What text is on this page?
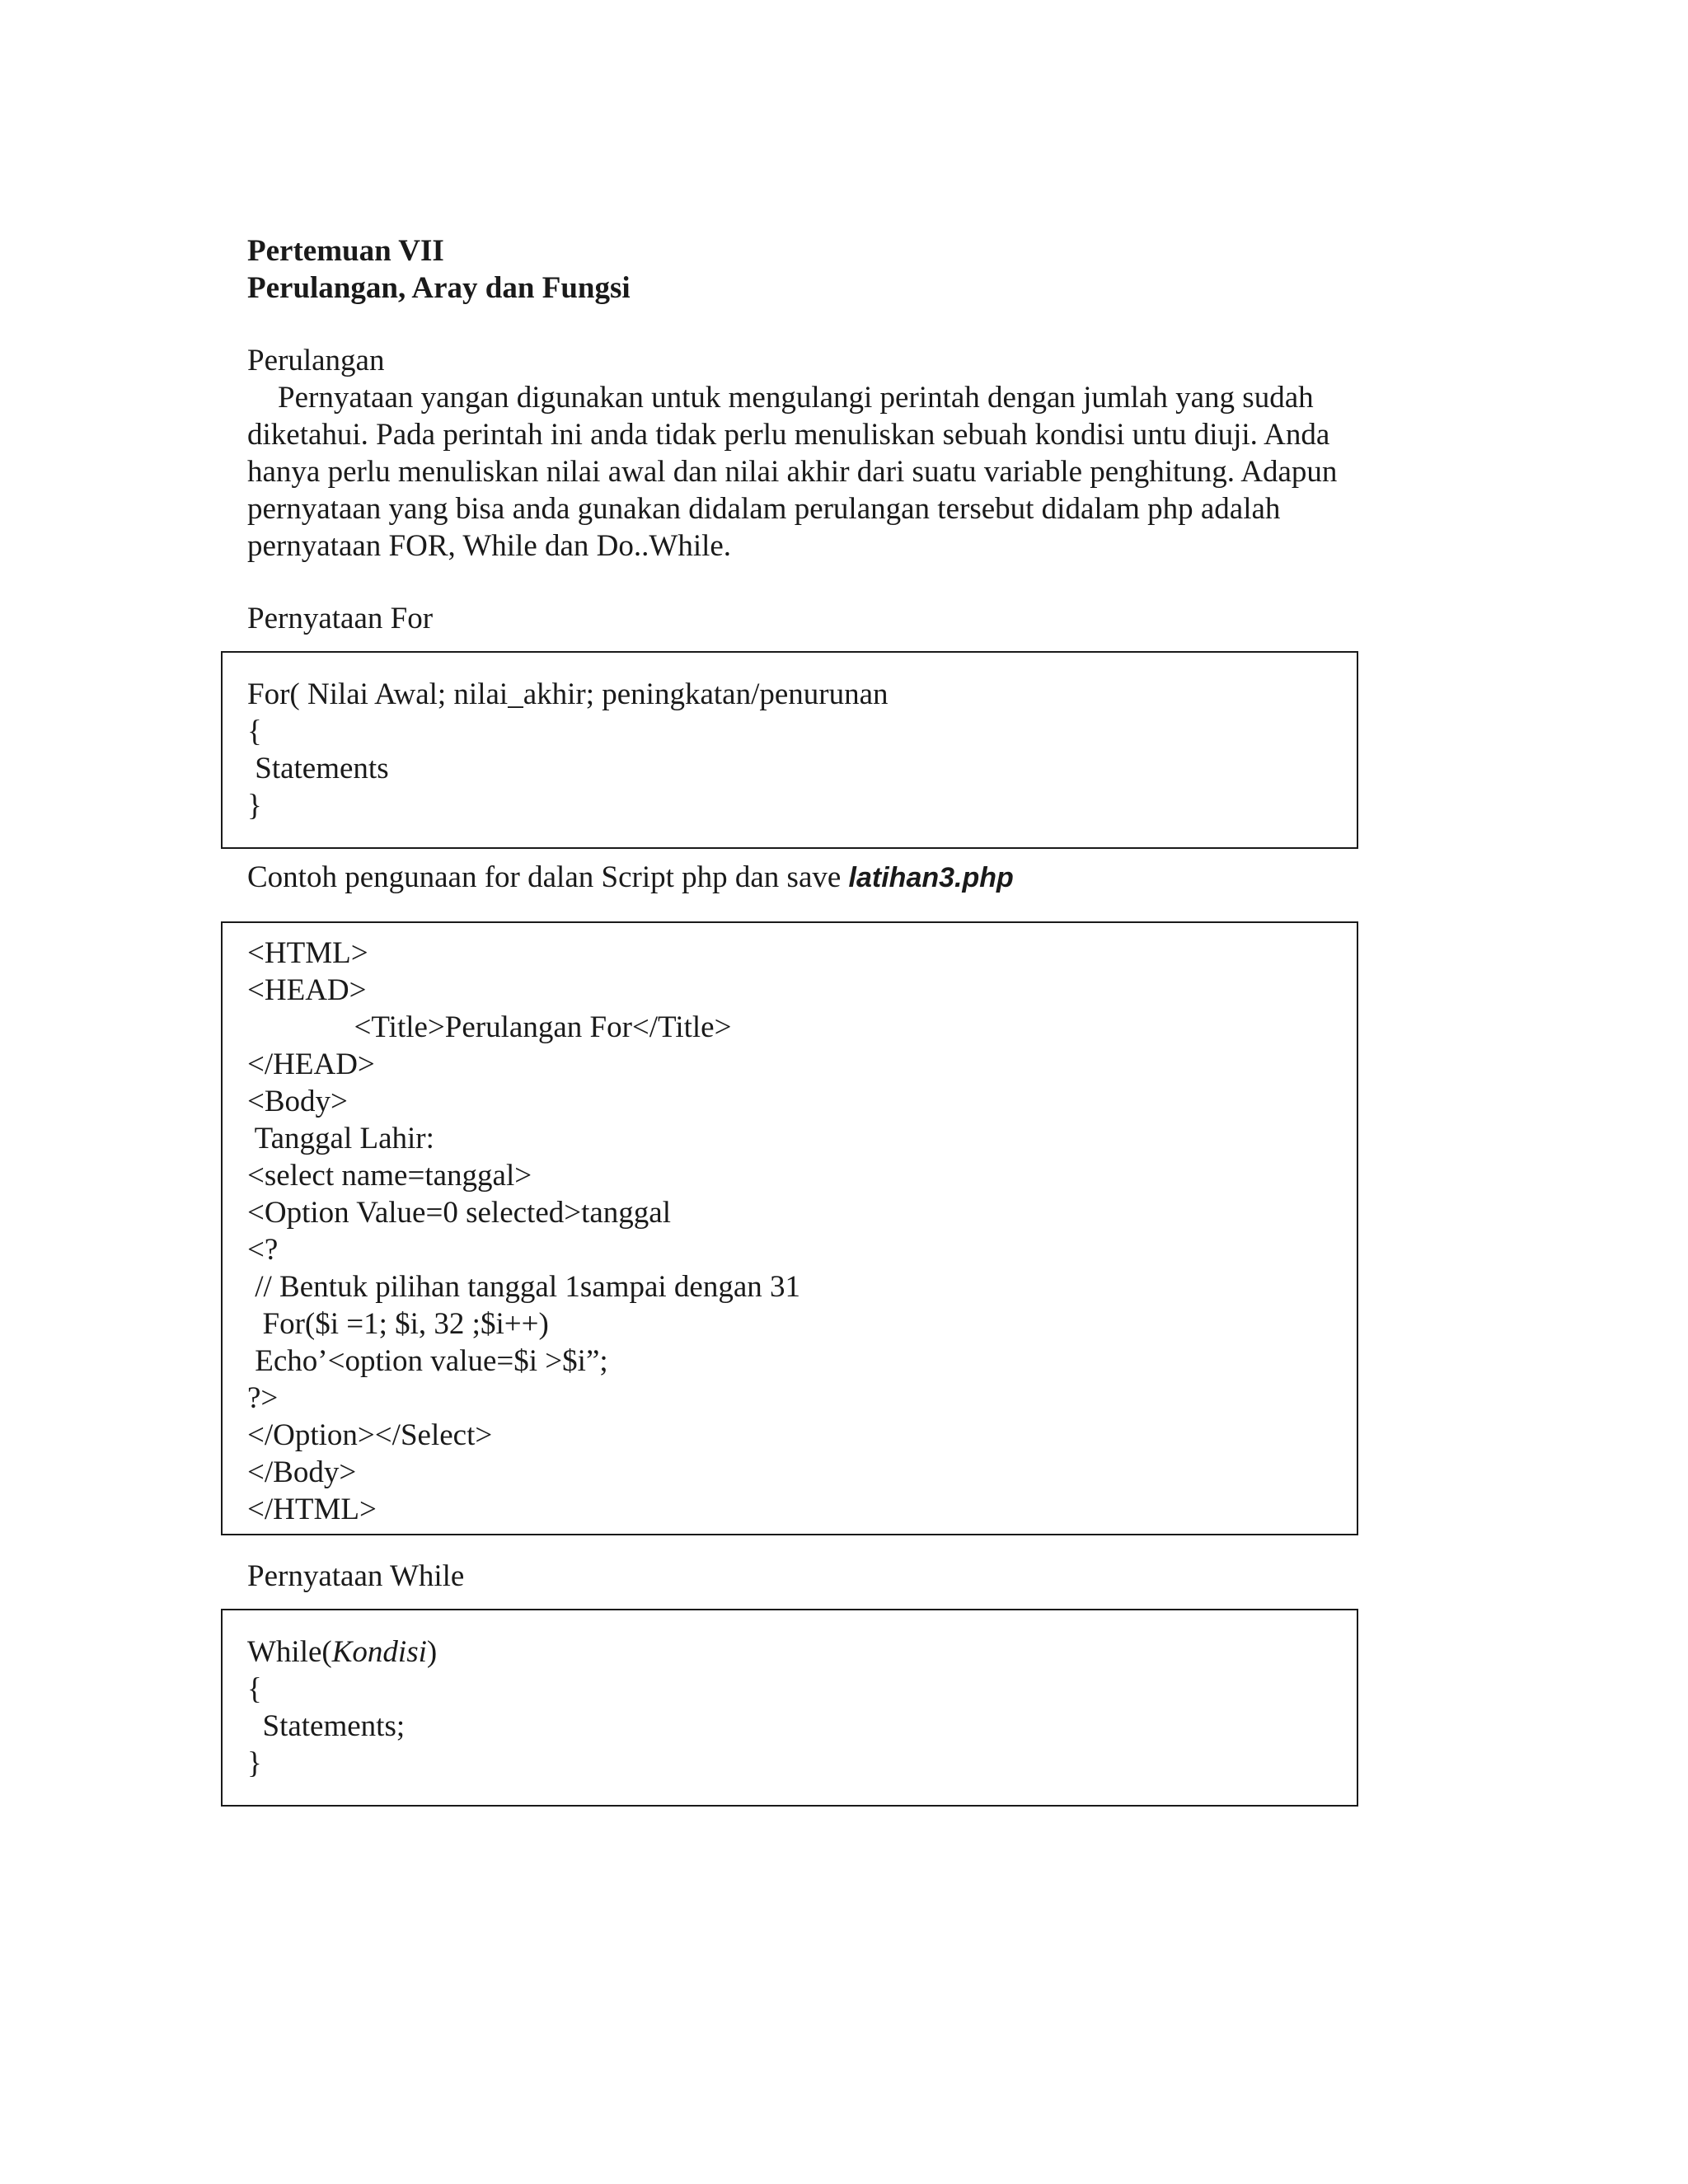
Pertemuan VII

Perulangan, Aray dan Fungsi

Perulangan

Pernyataan yangan digunakan untuk mengulangi perintah dengan jumlah yang sudah
diketahui. Pada perintah ini anda tidak perlu menuliskan sebuah kondisi untu diuji. Anda
hanya perlu menuliskan nilai awal dan nilai akhir dari suatu variable penghitung. Adapun
pernyataan yang bisa anda gunakan didalam perulangan tersebut didalam php adalah
pernyataan FOR, While dan Do..While.

Pernyataan For

For( Nilai Awal; nilai_akhir; peningkatan/penurunan

{

Statements

}

Contoh pengunaan for dalan Script php dan save latihan3.php

<HTML>

<HEAD>

<Title>Perulangan For</Title>

</HEAD>

<Body>

Tanggal Lahir:

<select name=tanggal>

<Option Value=0 selected>tanggal

<?

// Bentuk pilihan tanggal 1sampai dengan 31

For($i =1; $i, 32 ;$i++)

Echo’<option value=$i >$i”;

?>

</Option></Select>

</Body>

</HTML>

Pernyataan While

While(Kondisi)

{

Statements;

}
